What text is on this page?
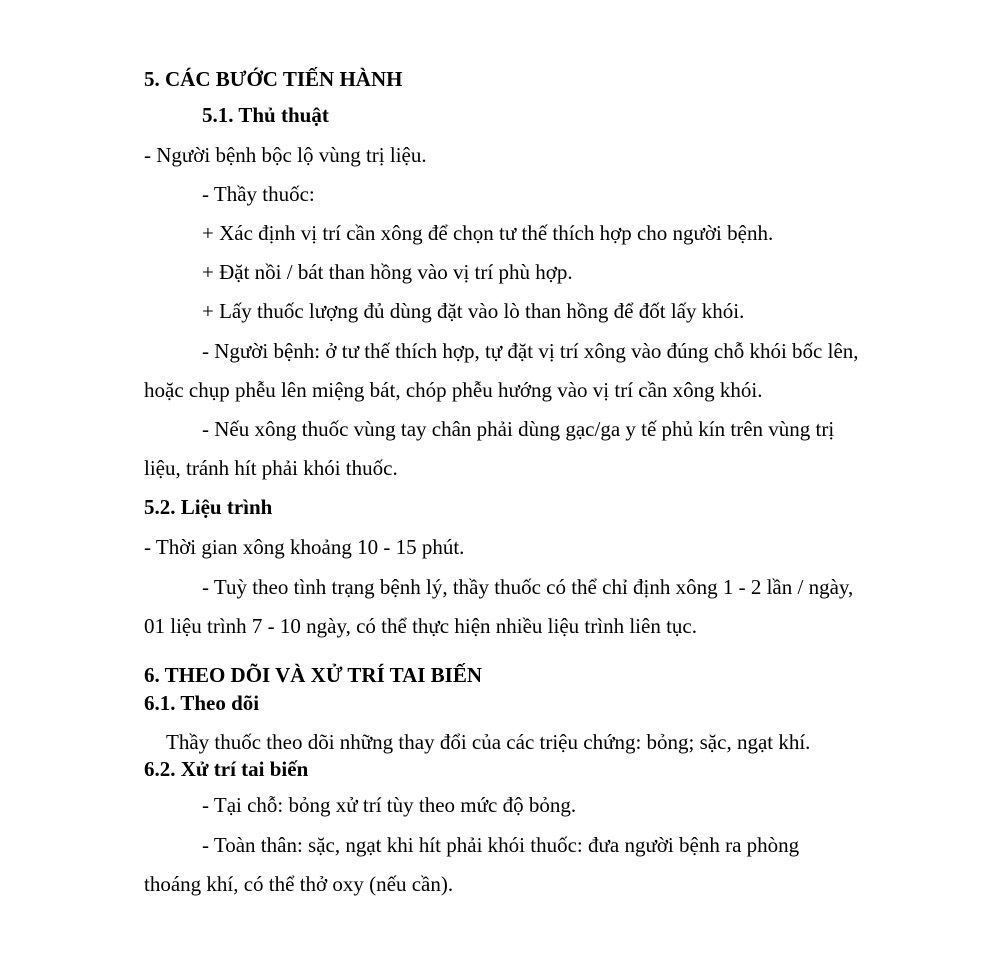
5. CÁC BƯỚC TIẾN HÀNH
5.1. Thủ thuật
- Người bệnh bộc lộ vùng trị liệu.
- Thầy thuốc:
+ Xác định vị trí cần xông để chọn tư thế thích hợp cho người bệnh.
+ Đặt nồi / bát than hồng vào vị trí phù hợp.
+ Lấy thuốc lượng đủ dùng đặt vào lò than hồng để đốt lấy khói.
- Người bệnh: ở tư thế thích hợp, tự đặt vị trí xông vào đúng chỗ khói bốc lên,
hoặc chụp phễu lên miệng bát, chóp phễu hướng vào vị trí cần xông khói.
- Nếu xông thuốc vùng tay chân phải dùng gạc/ga y tế phủ kín trên vùng trị
liệu, tránh hít phải khói thuốc.
5.2. Liệu trình
- Thời gian xông khoảng 10 - 15 phút.
- Tuỳ theo tình trạng bệnh lý, thầy thuốc có thể chỉ định xông 1 - 2 lần / ngày,
01 liệu trình 7 - 10 ngày, có thể thực hiện nhiều liệu trình liên tục.
6. THEO DÕI VÀ XỬ TRÍ TAI BIẾN
6.1. Theo dõi
Thầy thuốc theo dõi những thay đổi của các triệu chứng: bỏng; sặc, ngạt khí.
6.2. Xử trí tai biến
- Tại chỗ: bỏng xử trí tùy theo mức độ bỏng.
- Toàn thân: sặc, ngạt khi hít phải khói thuốc: đưa người bệnh ra phòng
thoáng khí, có thể thở oxy (nếu cần).
